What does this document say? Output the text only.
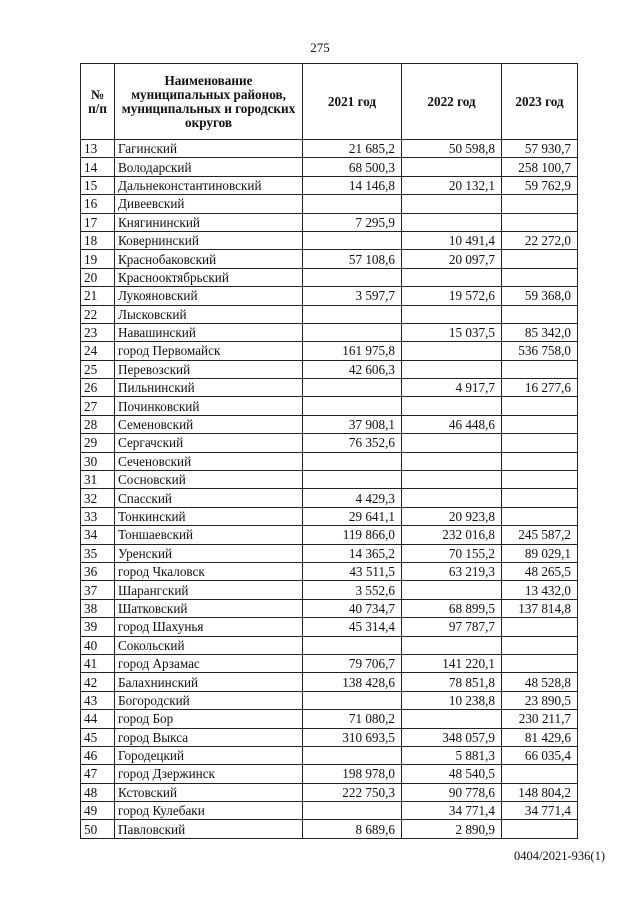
275
№ п/п	Наименование муниципальных районов, муниципальных и городских округов	2021 год	2022 год	2023 год
13	Гагинский	21 685,2	50 598,8	57 930,7
14	Володарский	68 500,3		258 100,7
15	Дальнеконстантиновский	14 146,8	20 132,1	59 762,9
16	Дивеевский			
17	Княгининский	7 295,9		
18	Ковернинский		10 491,4	22 272,0
19	Краснобаковский	57 108,6	20 097,7	
20	Краснооктябрьский			
21	Лукояновский	3 597,7	19 572,6	59 368,0
22	Лысковский			
23	Навашинский		15 037,5	85 342,0
24	город Первомайск	161 975,8		536 758,0
25	Перевозский	42 606,3		
26	Пильнинский		4 917,7	16 277,6
27	Починковский			
28	Семеновский	37 908,1	46 448,6	
29	Сергачский	76 352,6		
30	Сеченовский			
31	Сосновский			
32	Спасский	4 429,3		
33	Тонкинский	29 641,1	20 923,8	
34	Тоншаевский	119 866,0	232 016,8	245 587,2
35	Уренский	14 365,2	70 155,2	89 029,1
36	город Чкаловск	43 511,5	63 219,3	48 265,5
37	Шарангский	3 552,6		13 432,0
38	Шатковский	40 734,7	68 899,5	137 814,8
39	город Шахунья	45 314,4	97 787,7	
40	Сокольский			
41	город Арзамас	79 706,7	141 220,1	
42	Балахнинский	138 428,6	78 851,8	48 528,8
43	Богородский		10 238,8	23 890,5
44	город Бор	71 080,2		230 211,7
45	город Выкса	310 693,5	348 057,9	81 429,6
46	Городецкий		5 881,3	66 035,4
47	город Дзержинск	198 978,0	48 540,5	
48	Кстовский	222 750,3	90 778,6	148 804,2
49	город Кулебаки		34 771,4	34 771,4
50	Павловский	8 689,6	2 890,9	
0404/2021-936(1)
